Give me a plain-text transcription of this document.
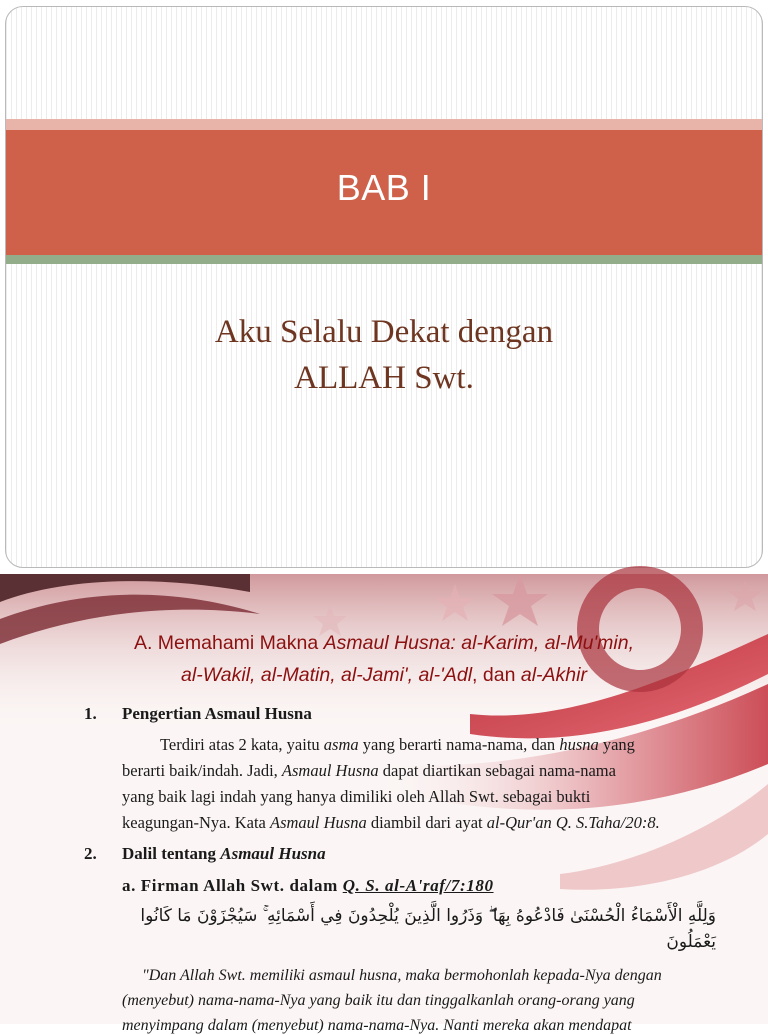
BAB I
Aku Selalu Dekat dengan
ALLAH Swt.
A. Memahami Makna Asmaul Husna: al-Karim, al-Mu'min,
al-Wakil, al-Matin, al-Jami', al-'Adl, dan al-Akhir
1. Pengertian Asmaul Husna
Terdiri atas 2 kata, yaitu asma yang berarti nama-nama, dan husna yang
berarti baik/indah. Jadi, Asmaul Husna dapat diartikan sebagai nama-nama
yang baik lagi indah yang hanya dimiliki oleh Allah Swt. sebagai bukti
keagungan-Nya. Kata Asmaul Husna diambil dari ayat al-Qur'an Q. S.Taha/20:8.
2. Dalil tentang Asmaul Husna
a. Firman Allah Swt. dalam Q. S. al-A'raf/7:180
وَلِلَّهِ الْأَسْمَاءُ الْحُسْنَىٰ فَادْعُوهُ بِهَا ۖ وَذَرُوا الَّذِينَ يُلْحِدُونَ فِي أَسْمَائِهِ ۚ سَيُجْزَوْنَ مَا كَانُوا
يَعْمَلُونَ
"Dan Allah Swt. memiliki asmaul husna, maka bermohonlah kepada-Nya dengan
(menyebut) nama-nama-Nya yang baik itu dan tinggalkanlah orang-orang yang
menyimpang dalam (menyebut) nama-nama-Nya. Nanti mereka akan mendapat
